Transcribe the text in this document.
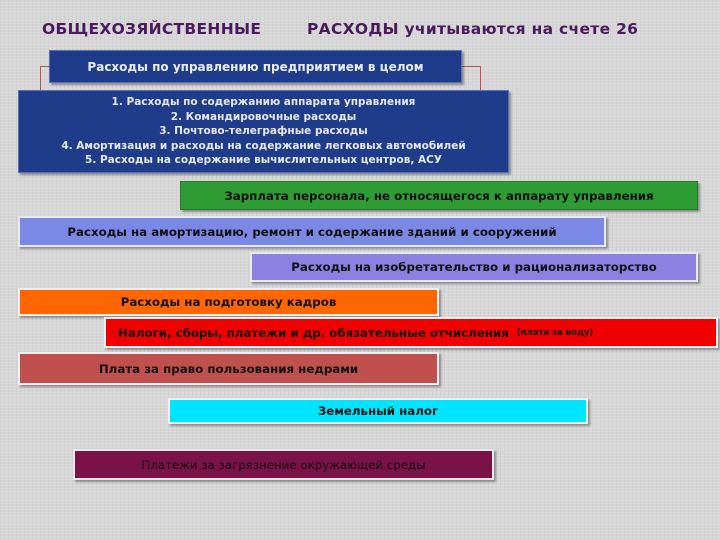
ОБЩЕХОЗЯЙСТВЕННЫЕ	РАСХОДЫ учитываются на счете 26
Расходы по управлению предприятием в целом
1. Расходы по содержанию аппарата управления
2. Командировочные расходы
3. Почтово-телеграфные расходы
4. Амортизация и расходы на содержание легковых автомобилей
5. Расходы на содержание вычислительных центров, АСУ
Зарплата персонала, не относящегося к аппарату управления
Расходы на амортизацию, ремонт и содержание зданий и сооружений
Расходы на изобретательство и рационализаторство
Расходы на подготовку кадров
Налоги, сборы, платежи и др. обязательные отчисления (плата за воду)
Плата за право пользования недрами
Земельный налог
Платежи за загрязнение окружающей среды
